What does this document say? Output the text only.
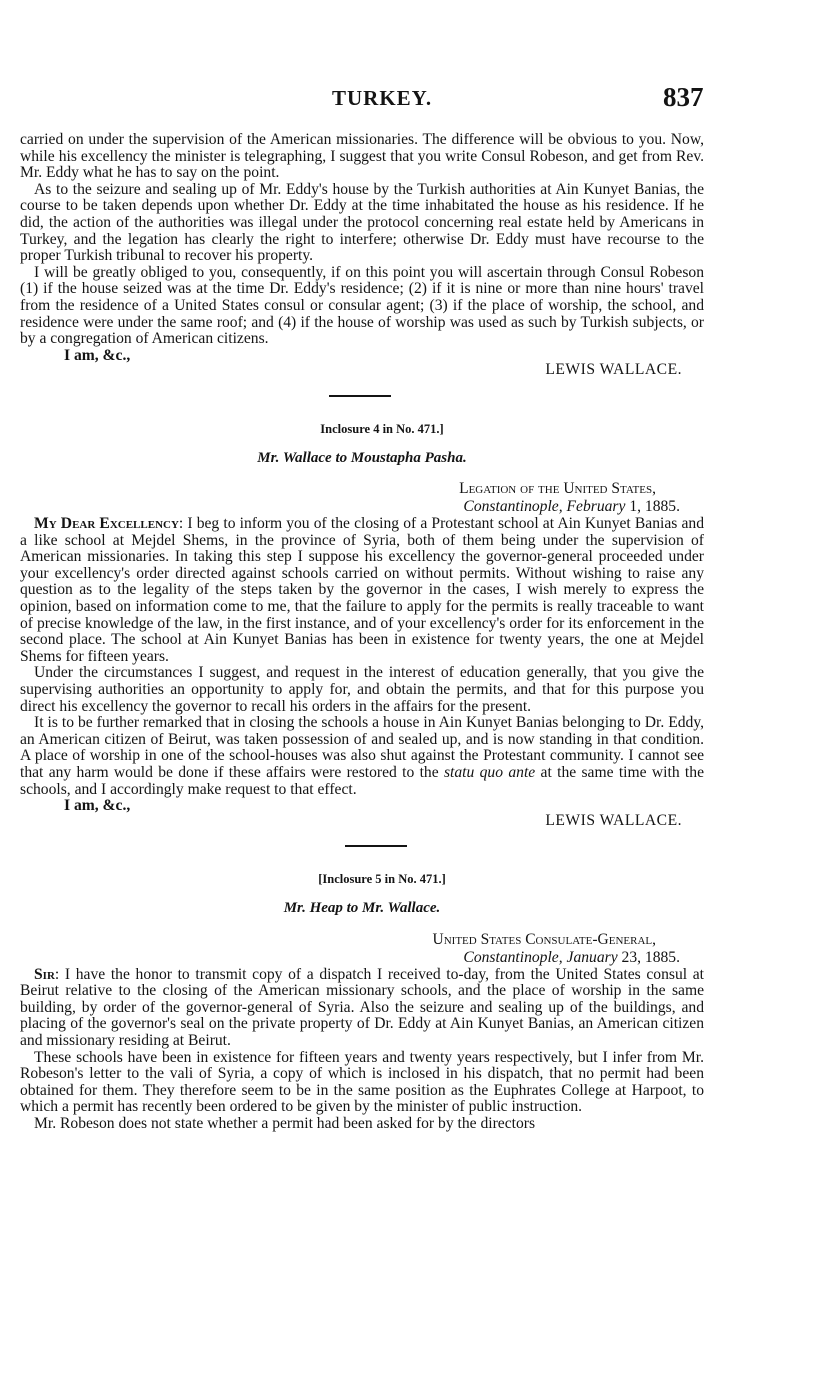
TURKEY.	837

carried on under the supervision of the American missionaries. The difference will be obvious to you. Now, while his excellency the minister is telegraphing, I suggest that you write Consul Robeson, and get from Rev. Mr. Eddy what he has to say on the point.

As to the seizure and sealing up of Mr. Eddy's house by the Turkish authorities at Ain Kunyet Banias, the course to be taken depends upon whether Dr. Eddy at the time inhabitated the house as his residence. If he did, the action of the authorities was illegal under the protocol concerning real estate held by Americans in Turkey, and the legation has clearly the right to interfere; otherwise Dr. Eddy must have recourse to the proper Turkish tribunal to recover his property.

I will be greatly obliged to you, consequently, if on this point you will ascertain through Consul Robeson (1) if the house seized was at the time Dr. Eddy's residence; (2) if it is nine or more than nine hours' travel from the residence of a United States consul or consular agent; (3) if the place of worship, the school, and residence were under the same roof; and (4) if the house of worship was used as such by Turkish subjects, or by a congregation of American citizens.

I am, &c.,
LEWIS WALLACE.
Inclosure 4 in No. 471.]
Mr. Wallace to Moustapha Pasha.
Legation of the United States,
Constantinople, February 1, 1885.

My Dear Excellency: I beg to inform you of the closing of a Protestant school at Ain Kunyet Banias and a like school at Mejdel Shems, in the province of Syria, both of them being under the supervision of American missionaries. In taking this step I suppose his excellency the governor-general proceeded under your excellency's order directed against schools carried on without permits. Without wishing to raise any question as to the legality of the steps taken by the governor in the cases, I wish merely to express the opinion, based on information come to me, that the failure to apply for the permits is really traceable to want of precise knowledge of the law, in the first instance, and of your excellency's order for its enforcement in the second place. The school at Ain Kunyet Banias has been in existence for twenty years, the one at Mejdel Shems for fifteen years.

Under the circumstances I suggest, and request in the interest of education generally, that you give the supervising authorities an opportunity to apply for, and obtain the permits, and that for this purpose you direct his excellency the governor to recall his orders in the affairs for the present.

It is to be further remarked that in closing the schools a house in Ain Kunyet Banias belonging to Dr. Eddy, an American citizen of Beirut, was taken possession of and sealed up, and is now standing in that condition. A place of worship in one of the school-houses was also shut against the Protestant community. I cannot see that any harm would be done if these affairs were restored to the statu quo ante at the same time with the schools, and I accordingly make request to that effect.

I am, &c.,
LEWIS WALLACE.
[Inclosure 5 in No. 471.]
Mr. Heap to Mr. Wallace.
United States Consulate-General,
Constantinople, January 23, 1885.

Sir: I have the honor to transmit copy of a dispatch I received to-day, from the United States consul at Beirut relative to the closing of the American missionary schools, and the place of worship in the same building, by order of the governor-general of Syria. Also the seizure and sealing up of the buildings, and placing of the governor's seal on the private property of Dr. Eddy at Ain Kunyet Banias, an American citizen and missionary residing at Beirut.

These schools have been in existence for fifteen years and twenty years respectively, but I infer from Mr. Robeson's letter to the vali of Syria, a copy of which is inclosed in his dispatch, that no permit had been obtained for them. They therefore seem to be in the same position as the Euphrates College at Harpoot, to which a permit has recently been ordered to be given by the minister of public instruction.

Mr. Robeson does not state whether a permit had been asked for by the directors
